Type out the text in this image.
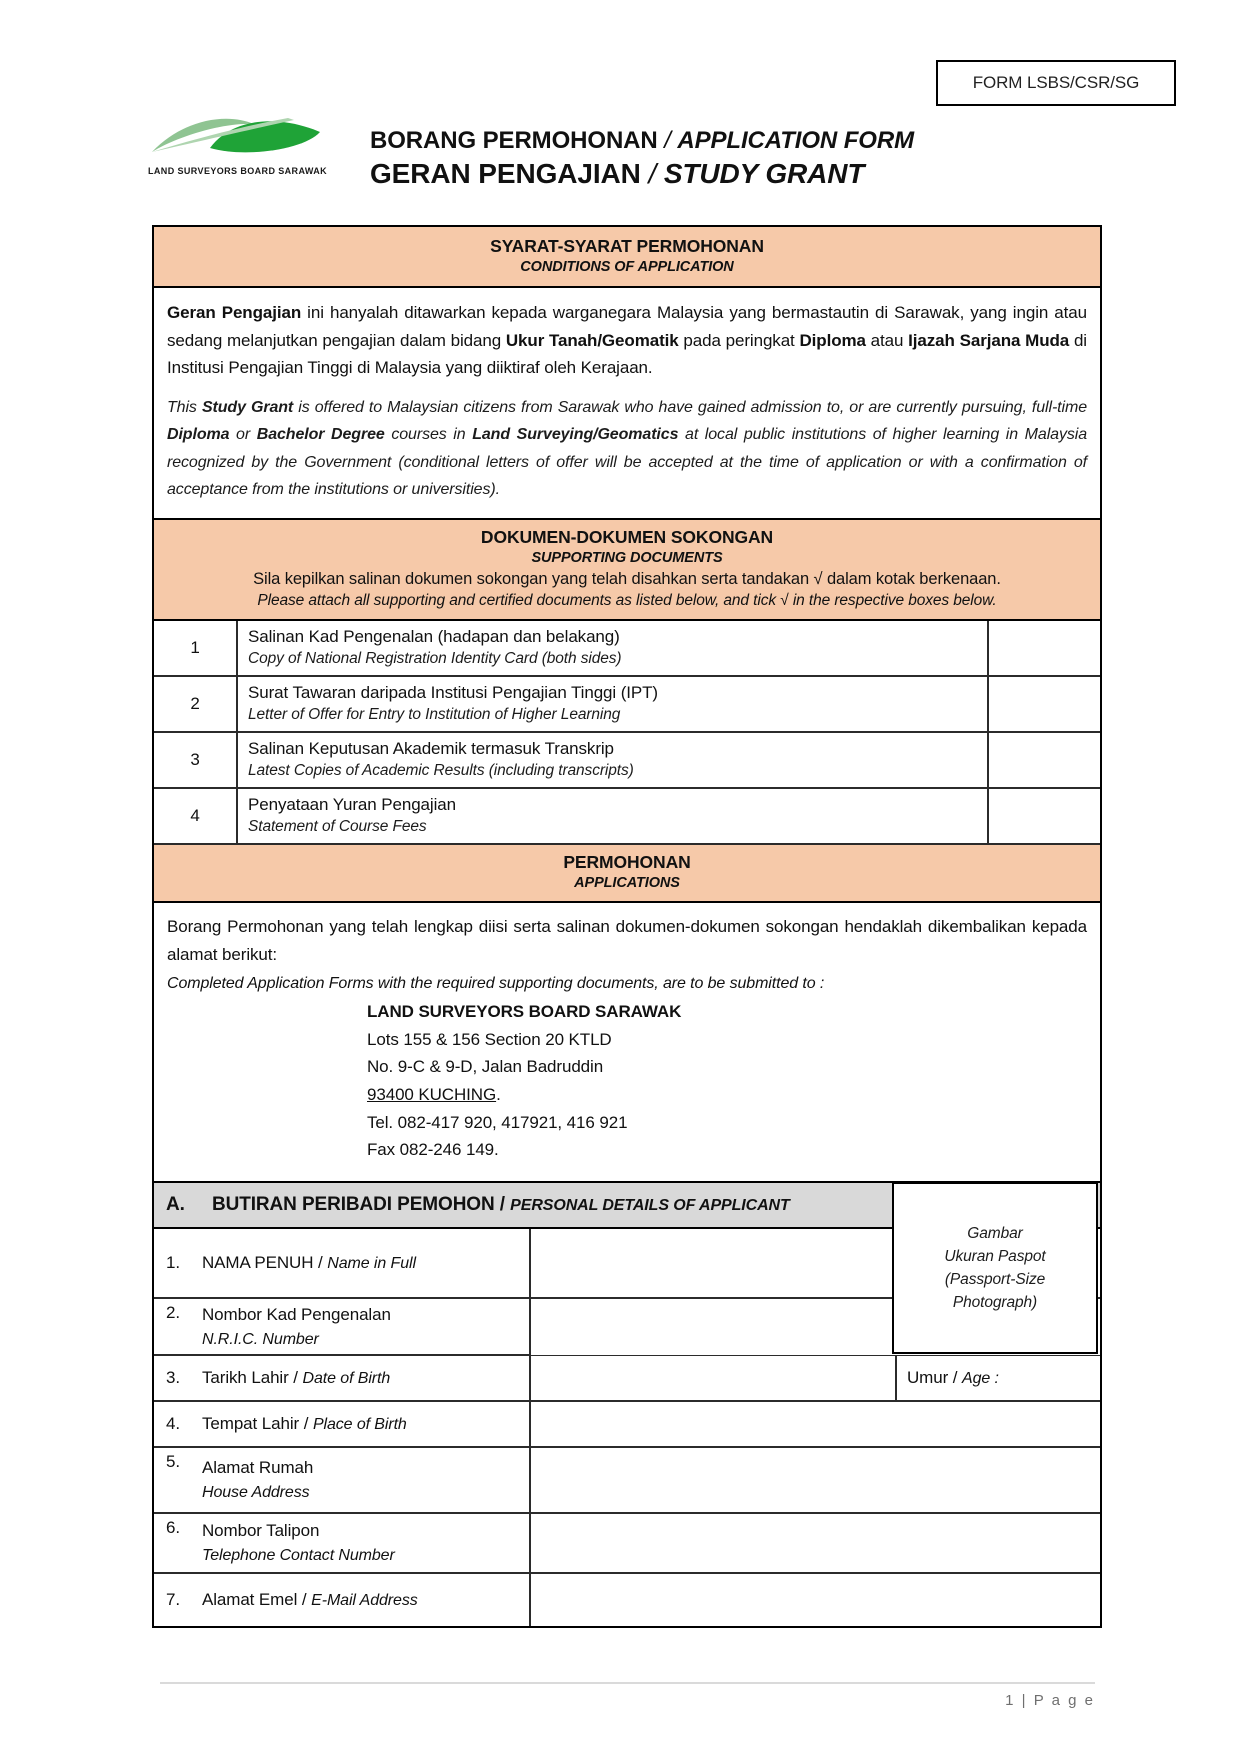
FORM LSBS/CSR/SG
LAND SURVEYORS BOARD SARAWAK
BORANG PERMOHONAN / APPLICATION FORM
GERAN PENGAJIAN / STUDY GRANT
SYARAT-SYARAT PERMOHONAN
CONDITIONS OF APPLICATION
Geran Pengajian ini hanyalah ditawarkan kepada warganegara Malaysia yang bermastautin di Sarawak, yang ingin atau sedang melanjutkan pengajian dalam bidang Ukur Tanah/Geomatik pada peringkat Diploma atau Ijazah Sarjana Muda di Institusi Pengajian Tinggi di Malaysia yang diiktiraf oleh Kerajaan.
This Study Grant is offered to Malaysian citizens from Sarawak who have gained admission to, or are currently pursuing, full-time Diploma or Bachelor Degree courses in Land Surveying/Geomatics at local public institutions of higher learning in Malaysia recognized by the Government (conditional letters of offer will be accepted at the time of application or with a confirmation of acceptance from the institutions or universities).
DOKUMEN-DOKUMEN SOKONGAN
SUPPORTING DOCUMENTS
Sila kepilkan salinan dokumen sokongan yang telah disahkan serta tandakan √ dalam kotak berkenaan.
Please attach all supporting and certified documents as listed below, and tick √ in the respective boxes below.
1
Salinan Kad Pengenalan (hadapan dan belakang)
Copy of National Registration Identity Card (both sides)
2
Surat Tawaran daripada Institusi Pengajian Tinggi (IPT)
Letter of Offer for Entry to Institution of Higher Learning
3
Salinan Keputusan Akademik termasuk Transkrip
Latest Copies of Academic Results (including transcripts)
4
Penyataan Yuran Pengajian
Statement of Course Fees
PERMOHONAN
APPLICATIONS
Borang Permohonan yang telah lengkap diisi serta salinan dokumen-dokumen sokongan hendaklah dikembalikan kepada alamat berikut:
Completed Application Forms with the required supporting documents, are to be submitted to :
LAND SURVEYORS BOARD SARAWAK
Lots 155 & 156 Section 20 KTLD
No. 9-C & 9-D, Jalan Badruddin
93400 KUCHING.
Tel. 082-417 920, 417921, 416 921
Fax 082-246 149.
Gambar
Ukuran Paspot
(Passport-Size
Photograph)
A.	BUTIRAN PERIBADI PEMOHON / PERSONAL DETAILS OF APPLICANT
1.	NAMA PENUH / Name in Full
2.	Nombor Kad Pengenalan
N.R.I.C. Number
3.	Tarikh Lahir / Date of Birth	Umur / Age :
4.	Tempat Lahir / Place of Birth
5.	Alamat Rumah
House Address
6.	Nombor Talipon
Telephone Contact Number
7.	Alamat Emel / E-Mail Address
1 | P a g e
